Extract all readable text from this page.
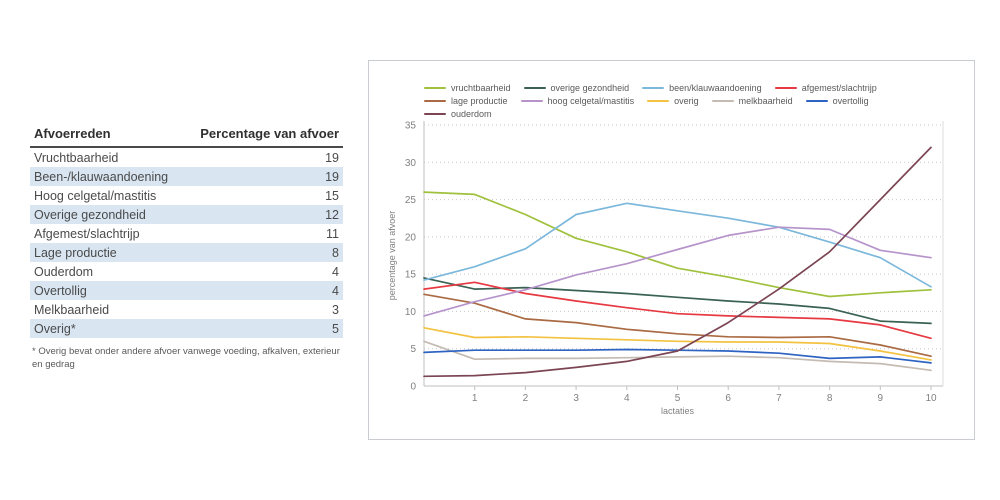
Afvoerreden	Percentage van afvoer
Vruchtbaarheid	19
Been-/klauwaandoening	19
Hoog celgetal/mastitis	15
Overige gezondheid	12
Afgemest/slachtrijp	11
Lage productie	8
Ouderdom	4
Overtollig	4
Melkbaarheid	3
Overig*	5
* Overig bevat onder andere afvoer vanwege voeding, afkalven, exterieur en gedrag
vruchtbaarheid	overige gezondheid	been/klauwaandoening	afgemest/slachtrijp
lage productie	hoog celgetal/mastitis	overig	melkbaarheid	overtollig
ouderdom
0
5
10
15
20
25
30
35
1	2	3	4	5	6	7	8	9	10
lactaties
percentage van afvoer
